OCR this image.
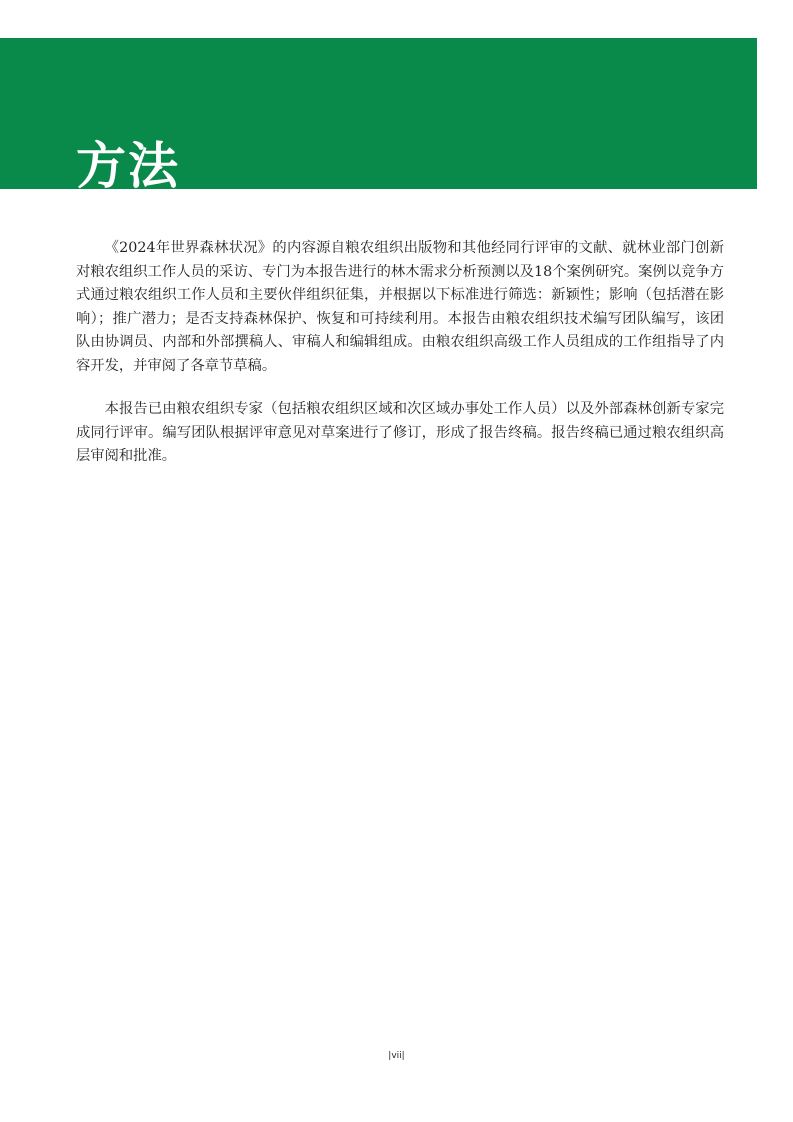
方法

《2024年世界森林状况》的内容源自粮农组织出版物和其他经同行评审的文献、就林业部门创新对粮农组织工作人员的采访、专门为本报告进行的林木需求分析预测以及18个案例研究。案例以竞争方式通过粮农组织工作人员和主要伙伴组织征集，并根据以下标准进行筛选：新颖性；影响（包括潜在影响）；推广潜力；是否支持森林保护、恢复和可持续利用。本报告由粮农组织技术编写团队编写，该团队由协调员、内部和外部撰稿人、审稿人和编辑组成。由粮农组织高级工作人员组成的工作组指导了内容开发，并审阅了各章节草稿。

本报告已由粮农组织专家（包括粮农组织区域和次区域办事处工作人员）以及外部森林创新专家完成同行评审。编写团队根据评审意见对草案进行了修订，形成了报告终稿。报告终稿已通过粮农组织高层审阅和批准。

|vii|
